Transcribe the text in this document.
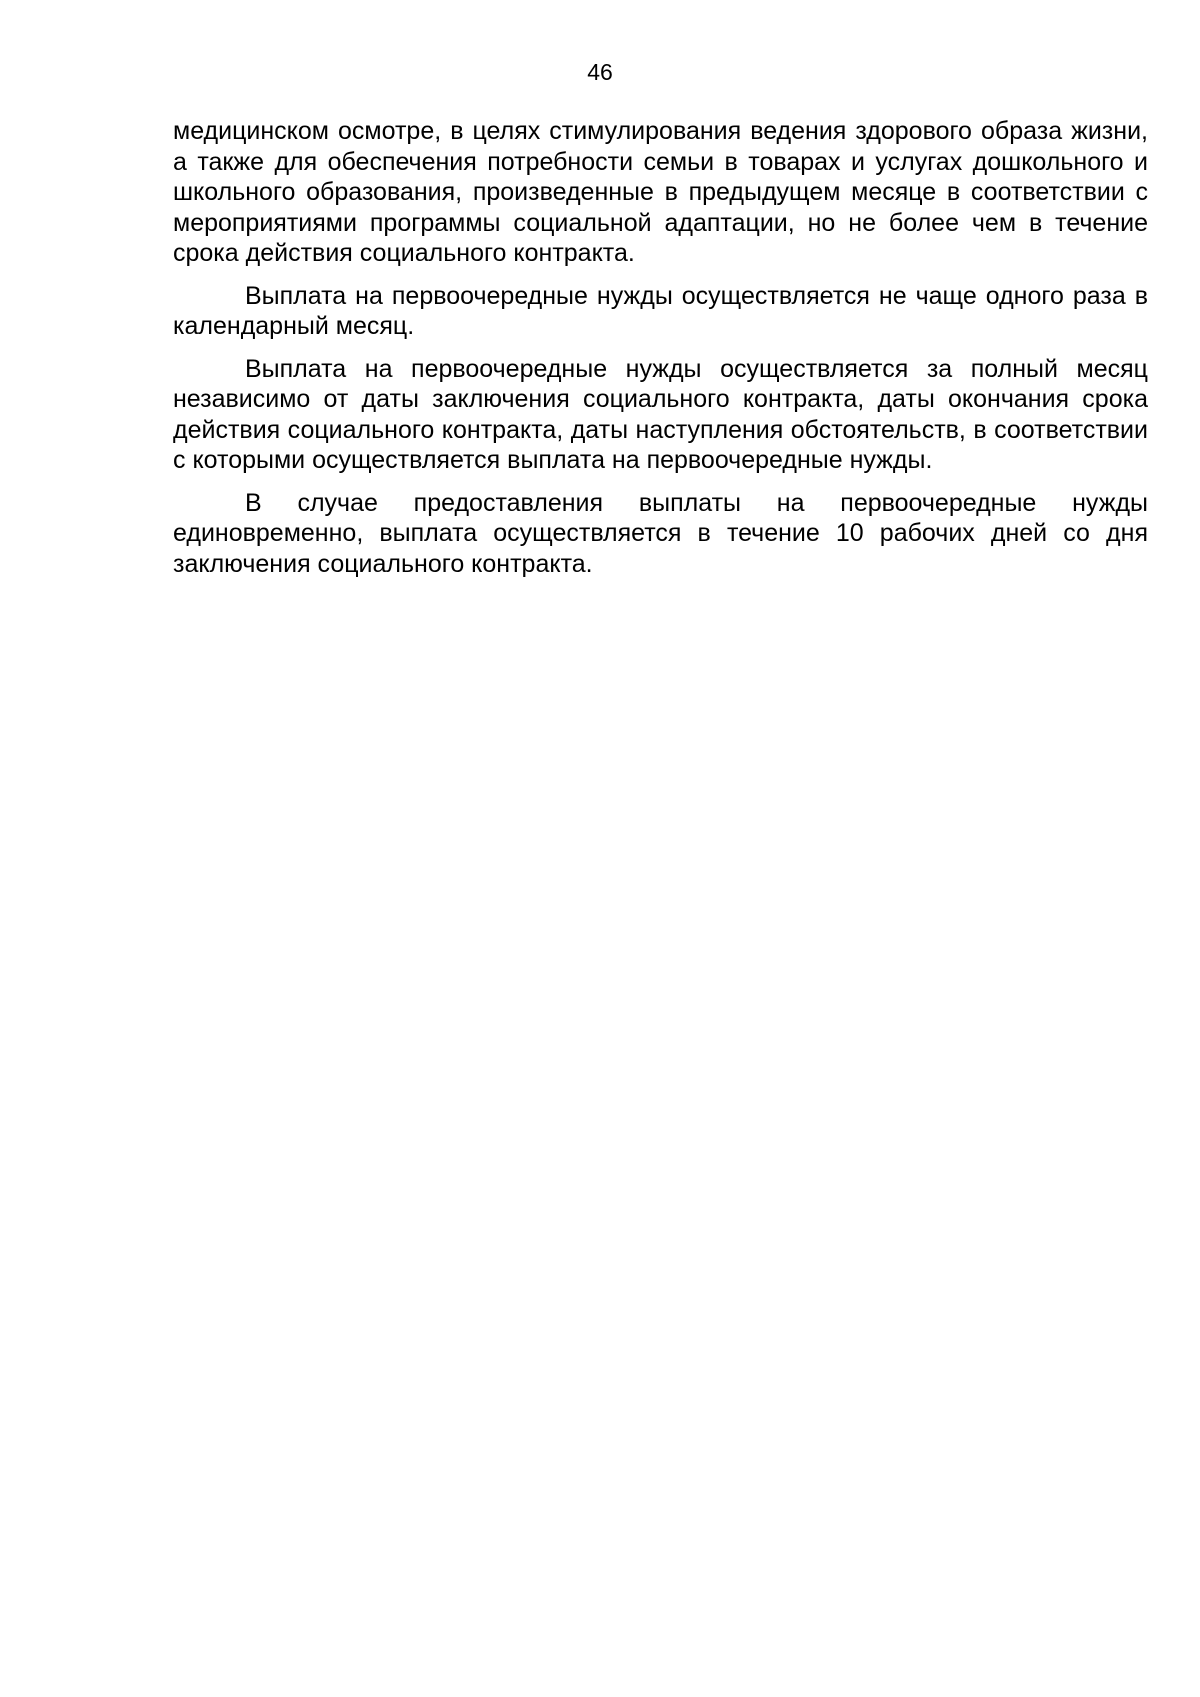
46

медицинском осмотре, в целях стимулирования ведения здорового образа жизни, а также для обеспечения потребности семьи в товарах и услугах дошкольного и школьного образования, произведенные в предыдущем месяце в соответствии с мероприятиями программы социальной адаптации, но не более чем в течение срока действия социального контракта.

Выплата на первоочередные нужды осуществляется не чаще одного раза в календарный месяц.

Выплата на первоочередные нужды осуществляется за полный месяц независимо от даты заключения социального контракта, даты окончания срока действия социального контракта, даты наступления обстоятельств, в соответствии с которыми осуществляется выплата на первоочередные нужды.

В случае предоставления выплаты на первоочередные нужды единовременно, выплата осуществляется в течение 10 рабочих дней со дня заключения социального контракта.
